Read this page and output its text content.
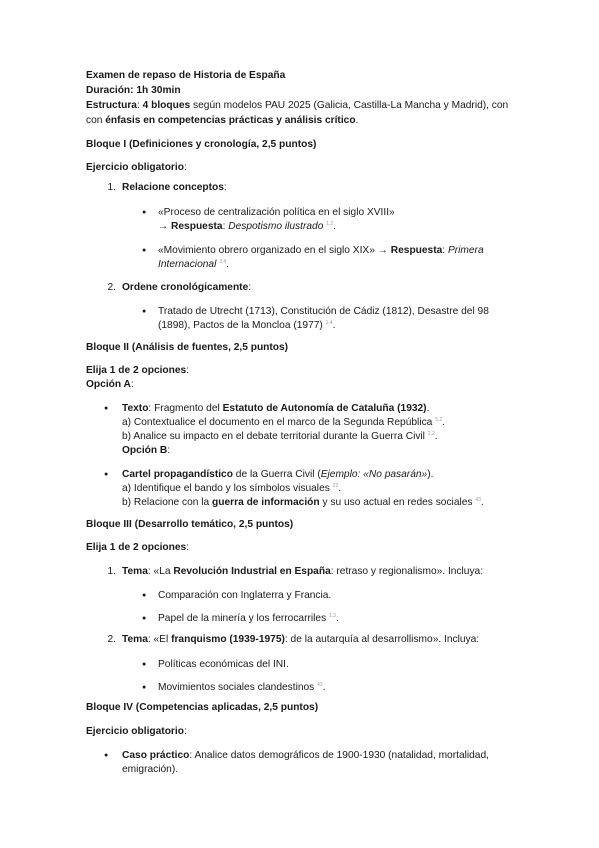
Examen de repaso de Historia de España
Duración: 1h 30min
Estructura: 4 bloques según modelos PAU 2025 (Galicia, Castilla-La Mancha y Madrid), con
con énfasis en competencias prácticas y análisis crítico.
Bloque I (Definiciones y cronología, 2,5 puntos)
Ejercicio obligatorio:
1. Relacione conceptos:
● «Proceso de centralización política en el siglo XVIII»
→ Respuesta: Despotismo ilustrado $^{1,2}$.
● «Movimiento obrero organizado en el siglo XIX» → Respuesta: Primera
Internacional $^{3,4}$.
2. Ordene cronológicamente:
● Tratado de Utrecht (1713), Constitución de Cádiz (1812), Desastre del 98
(1898), Pactos de la Moncloa (1977) $^{1,4}$.
Bloque II (Análisis de fuentes, 2,5 puntos)
Elija 1 de 2 opciones:
Opción A:
● Texto: Fragmento del Estatuto de Autonomía de Cataluña (1932).
a) Contextualice el documento en el marco de la Segunda República $^{5,2}$.
b) Analice su impacto en el debate territorial durante la Guerra Civil $^{2,2}$.
Opción B:
● Cartel propagandístico de la Guerra Civil (Ejemplo: «No pasarán»).
a) Identifique el bando y los símbolos visuales $^{22}$.
b) Relacione con la guerra de información y su uso actual en redes sociales $^{43}$.
Bloque III (Desarrollo temático, 2,5 puntos)
Elija 1 de 2 opciones:
1. Tema: «La Revolución Industrial en España: retraso y regionalismo». Incluya:
● Comparación con Inglaterra y Francia.
● Papel de la minería y los ferrocarriles $^{1,3}$.
2. Tema: «El franquismo (1939-1975): de la autarquía al desarrollismo». Incluya:
● Políticas económicas del INI.
● Movimientos sociales clandestinos $^{42}$.
Bloque IV (Competencias aplicadas, 2,5 puntos)
Ejercicio obligatorio:
● Caso práctico: Analice datos demográficos de 1900-1930 (natalidad, mortalidad,
emigración).
